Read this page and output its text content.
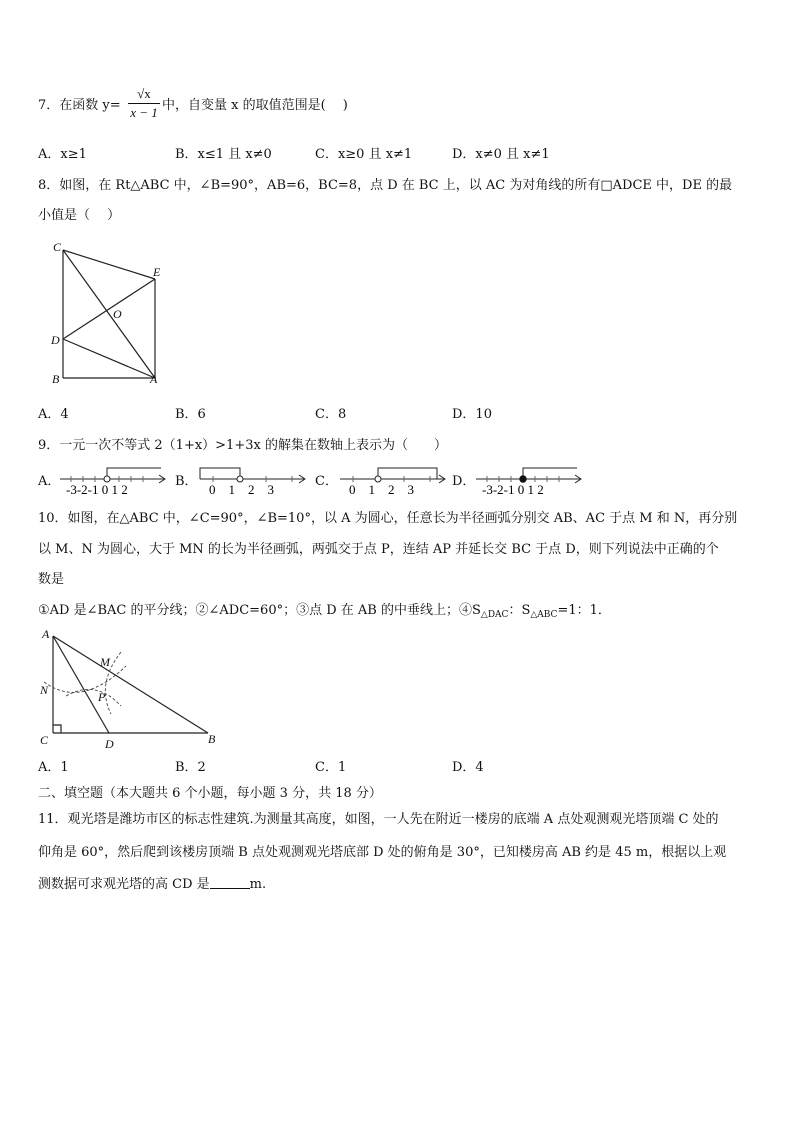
7．在函数 y=
√x
x − 1 中，自变量 x 的取值范围是(　 )
A．x≥1	B．x≤1 且 x≠0	C．x≥0 且 x≠1	D．x≠0 且 x≠1
8．如图，在 Rt△ABC 中，∠B=90°，AB=6，BC=8，点 D 在 BC 上，以 AC 为对角线的所有□ADCE 中，DE 的最
小值是（　 ）
C
E
O
D
B	A
A．4	B．6	C．8	D．10
9．一元一次不等式 2（1+x）>1+3x 的解集在数轴上表示为（　　）
A．
-3-2-1 0 1 2
B．
0　1　2　3
C．
0　1　2　3
D．
-3-2-1 0 1 2
10．如图，在△ABC 中，∠C=90°，∠B=10°，以 A 为圆心，任意长为半径画弧分别交 AB、AC 于点 M 和 N，再分别
以 M、N 为圆心，大于 MN 的长为半径画弧，两弧交于点 P，连结 AP 并延长交 BC 于点 D，则下列说法中正确的个
数是
①AD 是∠BAC 的平分线；②∠ADC=60°；③点 D 在 AB 的中垂线上；$④S_{\triangle DAC}$：$S_{\triangle ABC}=1$：1．
A
M
N	P
C	D	B
A．1	B．2	C．1	D．4
二、填空题（本大题共 6 个小题，每小题 3 分，共 18 分）
11．观光塔是潍坊市区的标志性建筑.为测量其高度，如图，一人先在附近一楼房的底端 A 点处观测观光塔顶端 C 处的
仰角是 60°，然后爬到该楼房顶端 B 点处观测观光塔底部 D 处的俯角是 30°，已知楼房高 AB 约是 45 m，根据以上观
测数据可求观光塔的高 CD 是	m.
